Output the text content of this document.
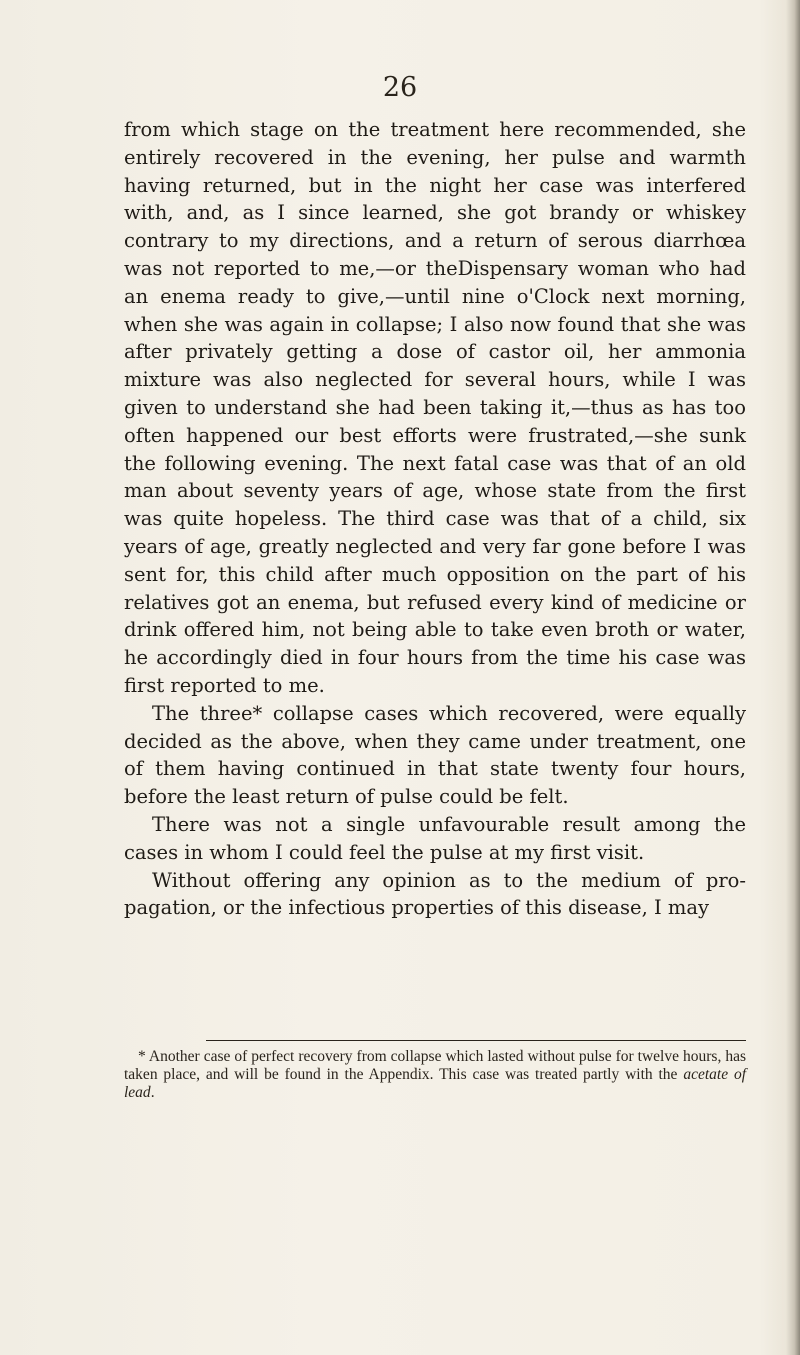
26

from which stage on the treatment here recommended, she entirely recovered in the evening, her pulse and warmth having returned, but in the night her case was interfered with, and, as I since learned, she got brandy or whiskey contrary to my directions, and a return of serous diarrhœa was not reported to me,—or theDispensary woman who had an enema ready to give,—until nine o'Clock next morning, when she was again in collapse; I also now found that she was after privately getting a dose of castor oil, her ammonia mixture was also neglected for several hours, while I was given to understand she had been taking it,—thus as has too often happened our best efforts were frustrated,—she sunk the following evening. The next fatal case was that of an old man about seventy years of age, whose state from the first was quite hopeless. The third case was that of a child, six years of age, greatly neglected and very far gone before I was sent for, this child after much opposition on the part of his relatives got an enema, but refused every kind of medicine or drink offered him, not being able to take even broth or water, he accordingly died in four hours from the time his case was first reported to me.

The three* collapse cases which recovered, were equally decided as the above, when they came under treatment, one of them having continued in that state twenty four hours, before the least return of pulse could be felt.

There was not a single unfavourable result among the cases in whom I could feel the pulse at my first visit.

Without offering any opinion as to the medium of pro-pagation, or the infectious properties of this disease, I may

* Another case of perfect recovery from collapse which lasted without pulse for twelve hours, has taken place, and will be found in the Appendix. This case was treated partly with the acetate of lead.
